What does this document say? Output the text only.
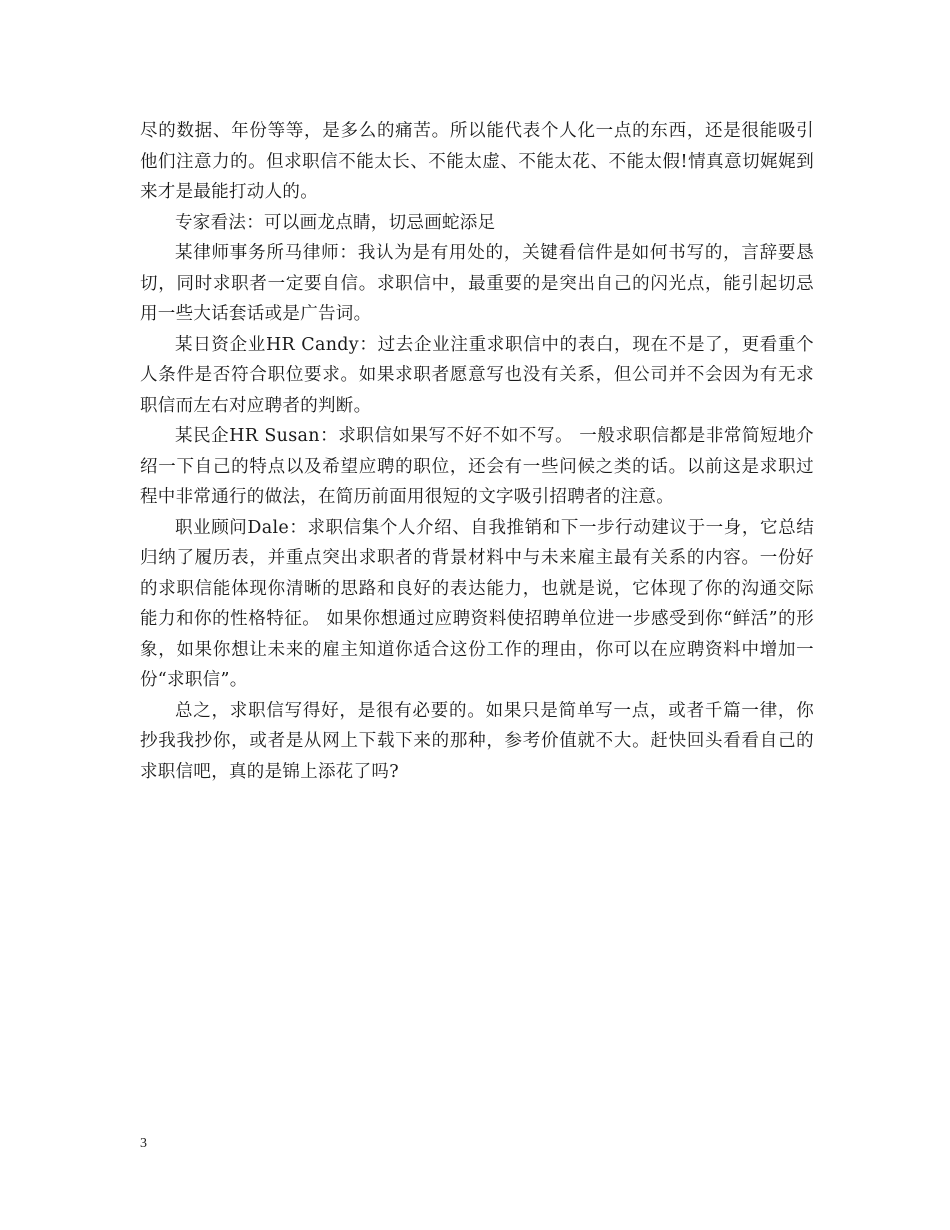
尽的数据、年份等等，是多么的痛苦。所以能代表个人化一点的东西，还是很能吸引他们注意力的。但求职信不能太长、不能太虚、不能太花、不能太假!情真意切娓娓到来才是最能打动人的。

专家看法：可以画龙点睛，切忌画蛇添足

某律师事务所马律师：我认为是有用处的，关键看信件是如何书写的，言辞要恳切，同时求职者一定要自信。求职信中，最重要的是突出自己的闪光点，能引起切忌用一些大话套话或是广告词。

某日资企业HR Candy：过去企业注重求职信中的表白，现在不是了，更看重个人条件是否符合职位要求。如果求职者愿意写也没有关系，但公司并不会因为有无求职信而左右对应聘者的判断。

某民企HR Susan：求职信如果写不好不如不写。 一般求职信都是非常简短地介绍一下自己的特点以及希望应聘的职位，还会有一些问候之类的话。以前这是求职过程中非常通行的做法，在简历前面用很短的文字吸引招聘者的注意。

职业顾问Dale：求职信集个人介绍、自我推销和下一步行动建议于一身，它总结归纳了履历表，并重点突出求职者的背景材料中与未来雇主最有关系的内容。一份好的求职信能体现你清晰的思路和良好的表达能力，也就是说，它体现了你的沟通交际能力和你的性格特征。 如果你想通过应聘资料使招聘单位进一步感受到你“鲜活”的形象，如果你想让未来的雇主知道你适合这份工作的理由，你可以在应聘资料中增加一份“求职信”。

总之，求职信写得好，是很有必要的。如果只是简单写一点，或者千篇一律，你抄我我抄你，或者是从网上下载下来的那种，参考价值就不大。赶快回头看看自己的求职信吧，真的是锦上添花了吗?

3
